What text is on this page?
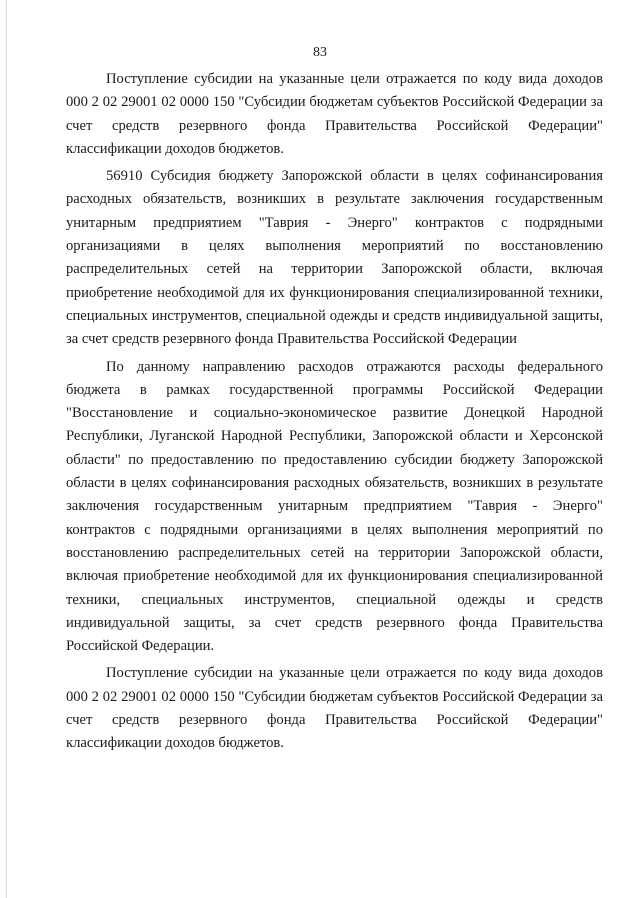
83

Поступление субсидии на указанные цели отражается по коду вида доходов 000 2 02 29001 02 0000 150 "Субсидии бюджетам субъектов Российской Федерации за счет средств резервного фонда Правительства Российской Федерации" классификации доходов бюджетов.

56910 Субсидия бюджету Запорожской области в целях софинансирования расходных обязательств, возникших в результате заключения государственным унитарным предприятием "Таврия - Энерго" контрактов с подрядными организациями в целях выполнения мероприятий по восстановлению распределительных сетей на территории Запорожской области, включая приобретение необходимой для их функционирования специализированной техники, специальных инструментов, специальной одежды и средств индивидуальной защиты, за счет средств резервного фонда Правительства Российской Федерации

По данному направлению расходов отражаются расходы федерального бюджета в рамках государственной программы Российской Федерации "Восстановление и социально-экономическое развитие Донецкой Народной Республики, Луганской Народной Республики, Запорожской области и Херсонской области" по предоставлению по предоставлению субсидии бюджету Запорожской области в целях софинансирования расходных обязательств, возникших в результате заключения государственным унитарным предприятием "Таврия - Энерго" контрактов с подрядными организациями в целях выполнения мероприятий по восстановлению распределительных сетей на территории Запорожской области, включая приобретение необходимой для их функционирования специализированной техники, специальных инструментов, специальной одежды и средств индивидуальной защиты, за счет средств резервного фонда Правительства Российской Федерации.

Поступление субсидии на указанные цели отражается по коду вида доходов 000 2 02 29001 02 0000 150 "Субсидии бюджетам субъектов Российской Федерации за счет средств резервного фонда Правительства Российской Федерации" классификации доходов бюджетов.
